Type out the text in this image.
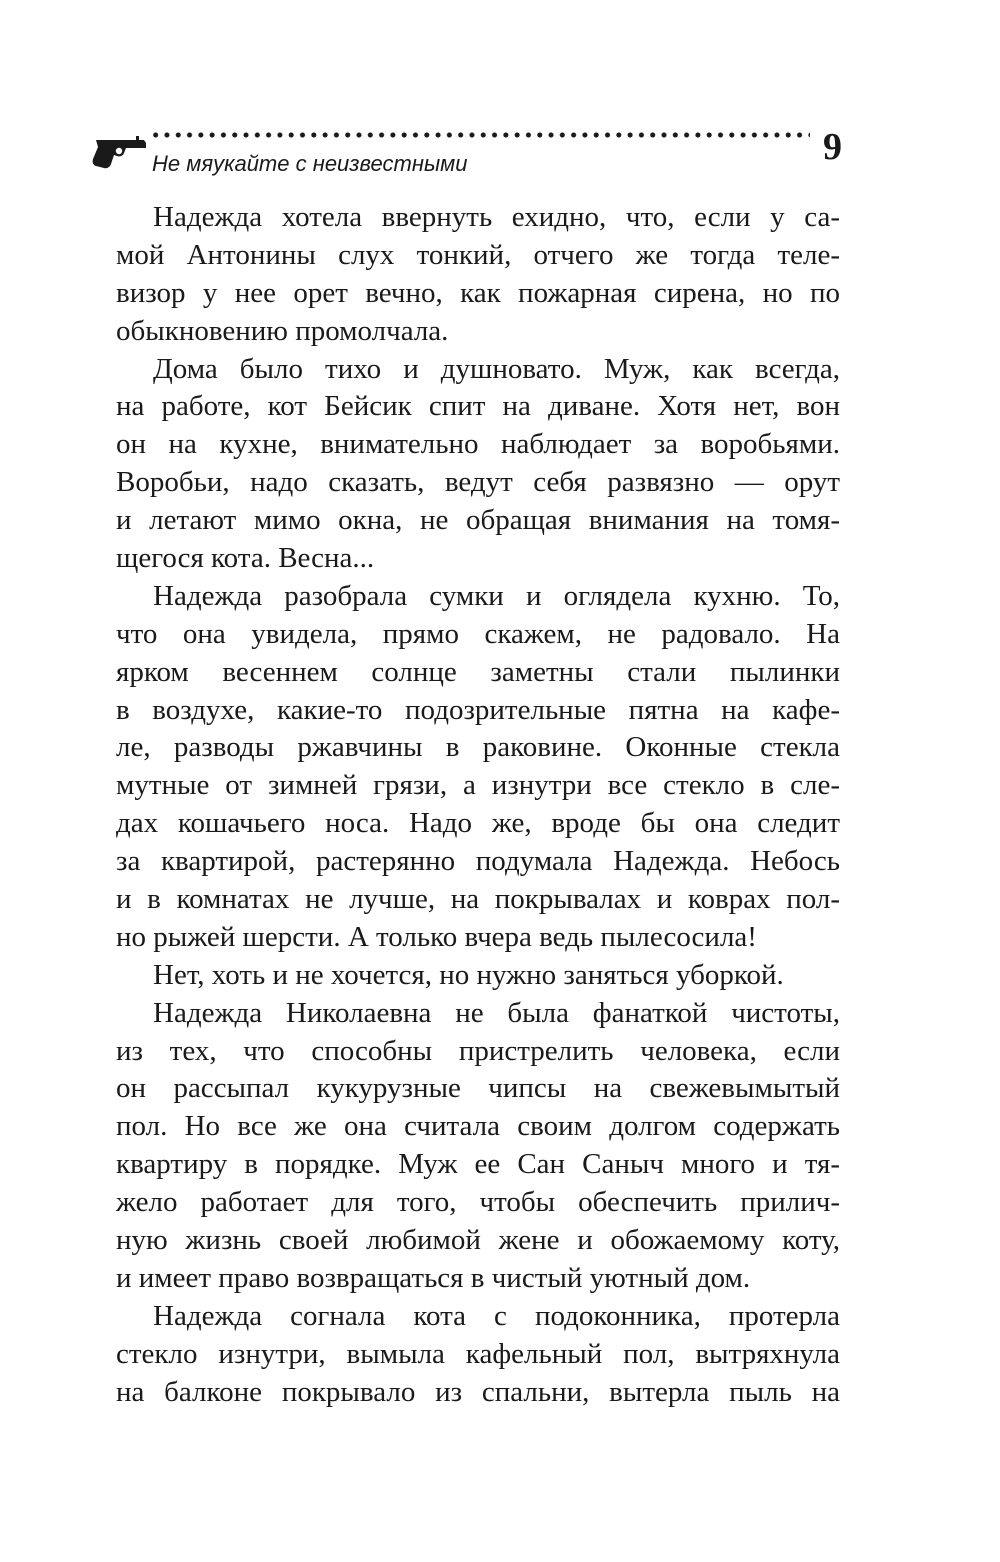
Не мяукайте с неизвестными	9
Надежда хотела ввернуть ехидно, что, если у са-
мой Антонины слух тонкий, отчего же тогда теле-
визор у нее орет вечно, как пожарная сирена, но по
обыкновению промолчала.
Дома было тихо и душновато. Муж, как всегда,
на работе, кот Бейсик спит на диване. Хотя нет, вон
он на кухне, внимательно наблюдает за воробьями.
Воробьи, надо сказать, ведут себя развязно — орут
и летают мимо окна, не обращая внимания на томя-
щегося кота. Весна...
Надежда разобрала сумки и оглядела кухню. То,
что она увидела, прямо скажем, не радовало. На
ярком весеннем солнце заметны стали пылинки
в воздухе, какие-то подозрительные пятна на кафе-
ле, разводы ржавчины в раковине. Оконные стекла
мутные от зимней грязи, а изнутри все стекло в сле-
дах кошачьего носа. Надо же, вроде бы она следит
за квартирой, растерянно подумала Надежда. Небось
и в комнатах не лучше, на покрывалах и коврах пол-
но рыжей шерсти. А только вчера ведь пылесосила!
Нет, хоть и не хочется, но нужно заняться уборкой.
Надежда Николаевна не была фанаткой чистоты,
из тех, что способны пристрелить человека, если
он рассыпал кукурузные чипсы на свежевымытый
пол. Но все же она считала своим долгом содержать
квартиру в порядке. Муж ее Сан Саныч много и тя-
жело работает для того, чтобы обеспечить прилич-
ную жизнь своей любимой жене и обожаемому коту,
и имеет право возвращаться в чистый уютный дом.
Надежда согнала кота с подоконника, протерла
стекло изнутри, вымыла кафельный пол, вытряхнула
на балконе покрывало из спальни, вытерла пыль на
